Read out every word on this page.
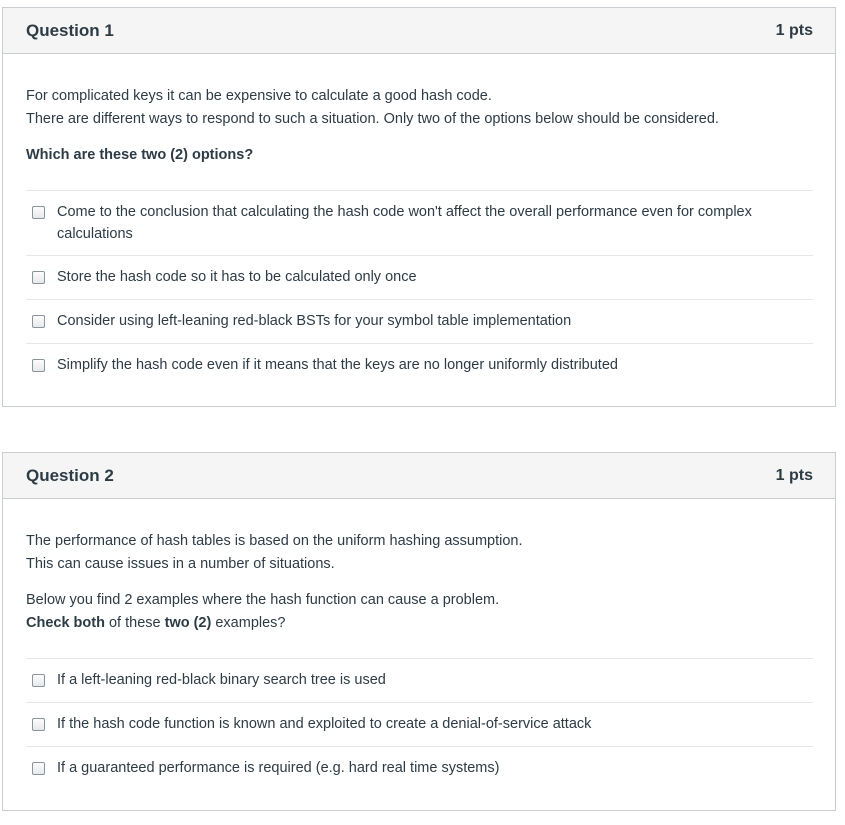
Question 1	1 pts

For complicated keys it can be expensive to calculate a good hash code.

There are different ways to respond to such a situation. Only two of the options below should be considered.

Which are these two (2) options?

Come to the conclusion that calculating the hash code won't affect the overall performance even for complex calculations
Store the hash code so it has to be calculated only once
Consider using left-leaning red-black BSTs for your symbol table implementation
Simplify the hash code even if it means that the keys are no longer uniformly distributed
Question 2	1 pts

The performance of hash tables is based on the uniform hashing assumption.

This can cause issues in a number of situations.

Below you find 2 examples where the hash function can cause a problem.

Check both of these two (2) examples?

If a left-leaning red-black binary search tree is used
If the hash code function is known and exploited to create a denial-of-service attack
If a guaranteed performance is required (e.g. hard real time systems)
